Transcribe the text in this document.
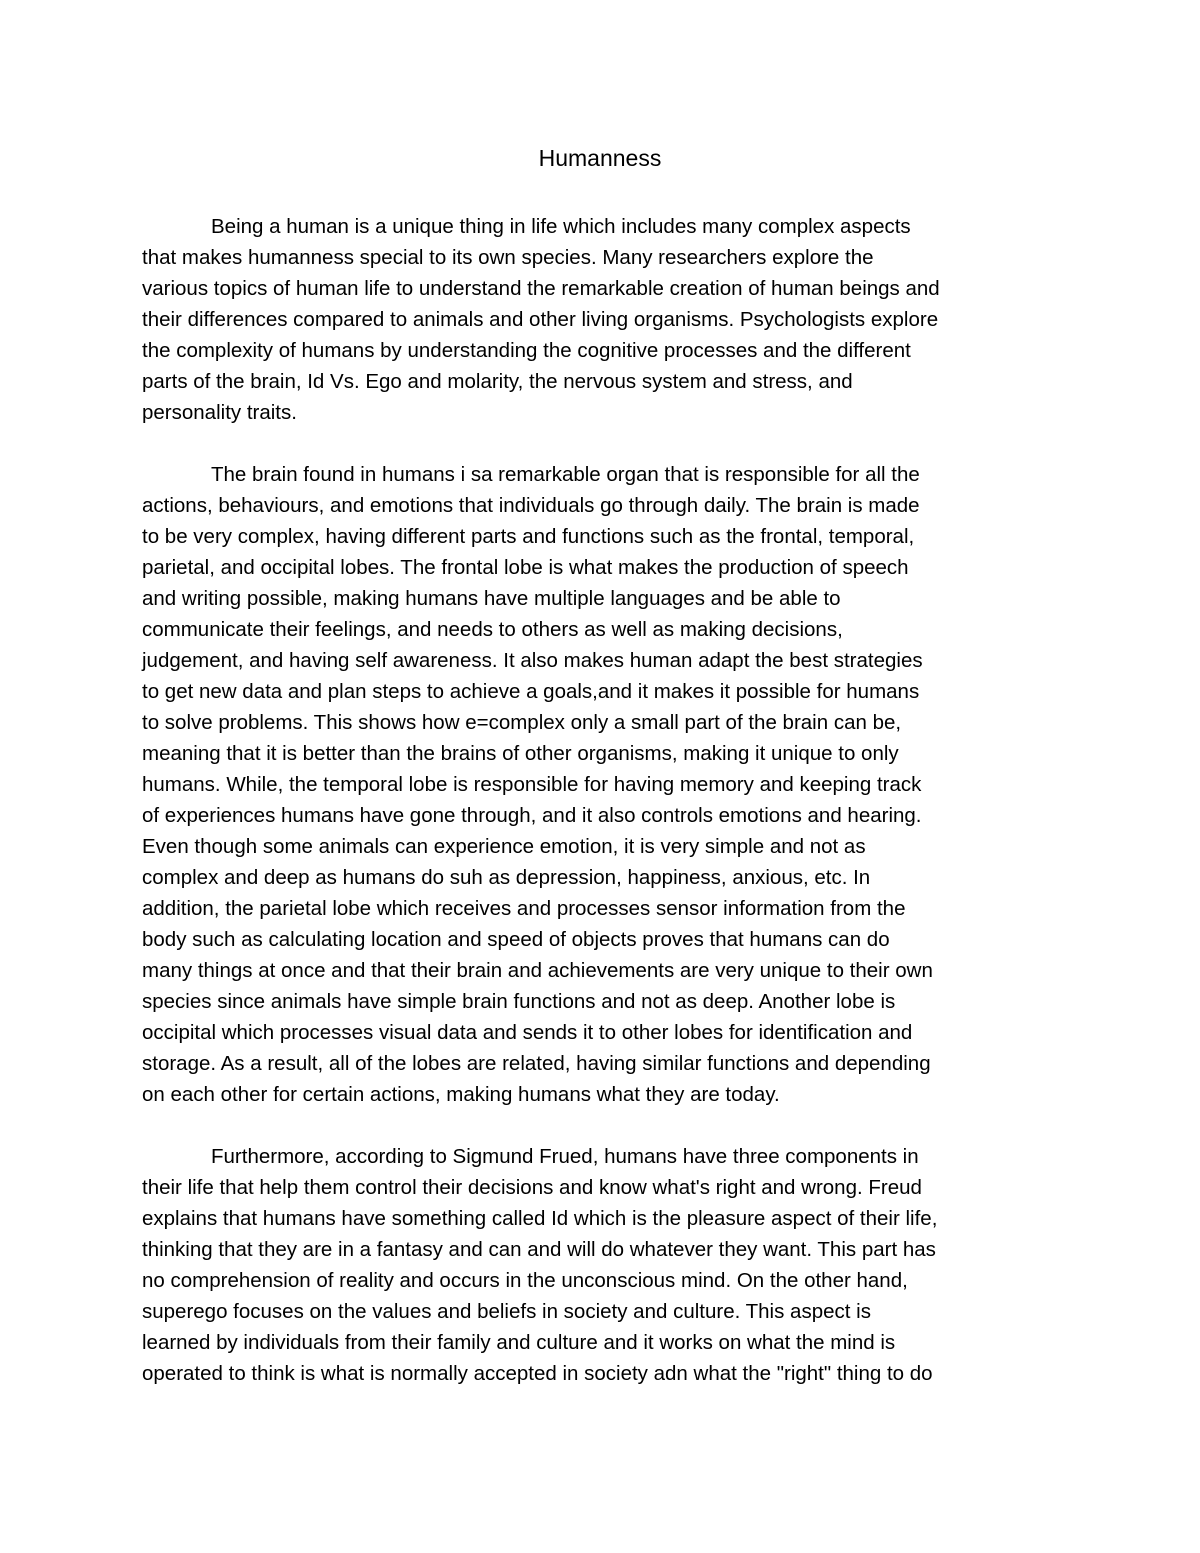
Humanness
Being a human is a unique thing in life which includes many complex aspects
that makes humanness special to its own species. Many researchers explore the
various topics of human life to understand the remarkable creation of human beings and
their differences compared to animals and other living organisms. Psychologists explore
the complexity of humans by understanding the cognitive processes and the different
parts of the brain, Id Vs. Ego and molarity, the nervous system and stress, and
personality traits.
The brain found in humans i sa remarkable organ that is responsible for all the
actions, behaviours, and emotions that individuals go through daily. The brain is made
to be very complex, having different parts and functions such as the frontal, temporal,
parietal, and occipital lobes. The frontal lobe is what makes the production of speech
and writing possible, making humans have multiple languages and be able to
communicate their feelings, and needs to others as well as making decisions,
judgement, and having self awareness. It also makes human adapt the best strategies
to get new data and plan steps to achieve a goals,and it makes it possible for humans
to solve problems. This shows how e=complex only a small part of the brain can be,
meaning that it is better than the brains of other organisms, making it unique to only
humans. While, the temporal lobe is responsible for having memory and keeping track
of experiences humans have gone through, and it also controls emotions and hearing.
Even though some animals can experience emotion, it is very simple and not as
complex and deep as humans do suh as depression, happiness, anxious, etc. In
addition, the parietal lobe which receives and processes sensor information from the
body such as calculating location and speed of objects proves that humans can do
many things at once and that their brain and achievements are very unique to their own
species since animals have simple brain functions and not as deep. Another lobe is
occipital which processes visual data and sends it to other lobes for identification and
storage. As a result, all of the lobes are related, having similar functions and depending
on each other for certain actions, making humans what they are today.
Furthermore, according to Sigmund Frued, humans have three components in
their life that help them control their decisions and know what's right and wrong. Freud
explains that humans have something called Id which is the pleasure aspect of their life,
thinking that they are in a fantasy and can and will do whatever they want. This part has
no comprehension of reality and occurs in the unconscious mind. On the other hand,
superego focuses on the values and beliefs in society and culture. This aspect is
learned by individuals from their family and culture and it works on what the mind is
operated to think is what is normally accepted in society adn what the "right" thing to do
